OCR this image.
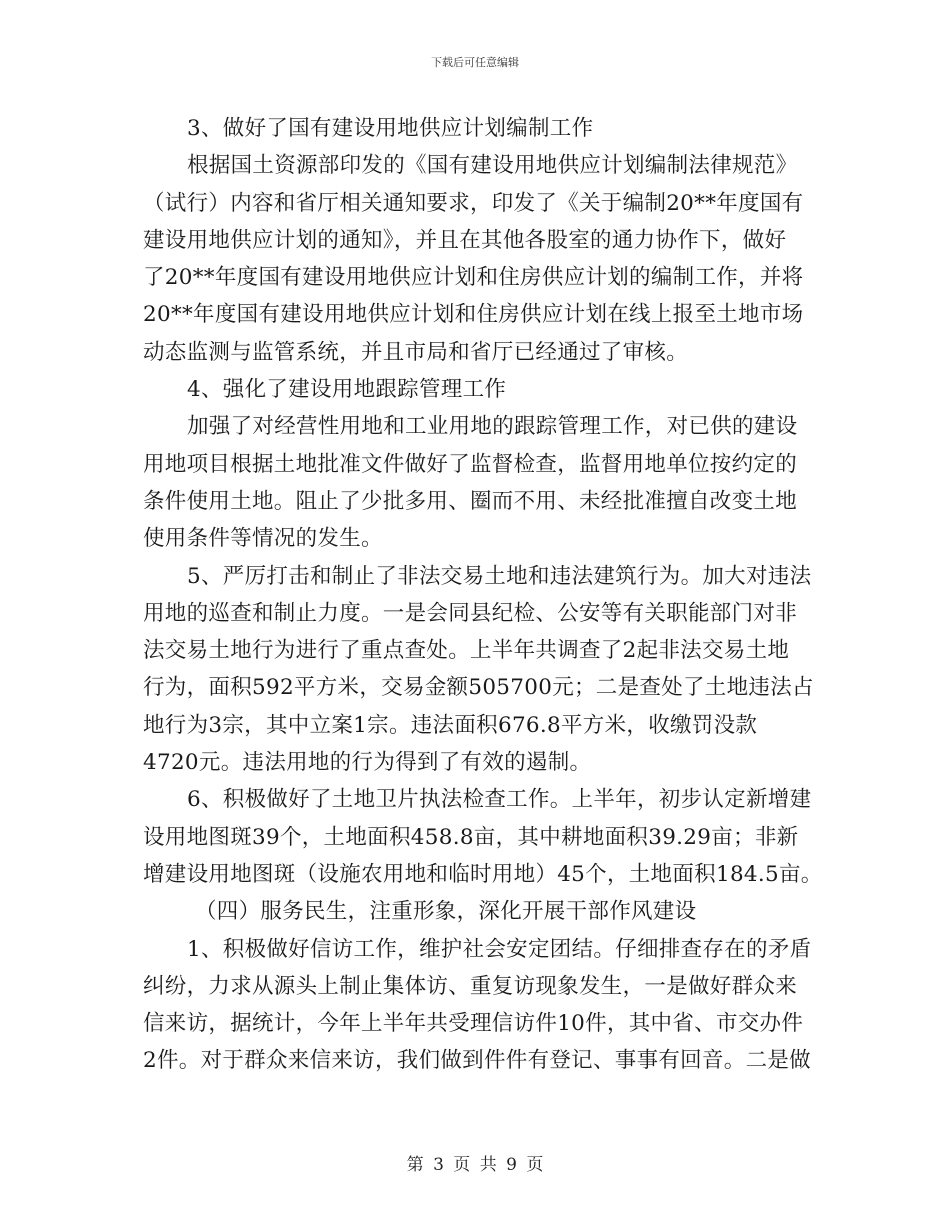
下载后可任意编辑
3、做好了国有建设用地供应计划编制工作
根据国土资源部印发的《国有建设用地供应计划编制法律规范》
（试行）内容和省厅相关通知要求，印发了《关于编制20**年度国有
建设用地供应计划的通知》，并且在其他各股室的通力协作下，做好
了20**年度国有建设用地供应计划和住房供应计划的编制工作，并将
20**年度国有建设用地供应计划和住房供应计划在线上报至土地市场
动态监测与监管系统，并且市局和省厅已经通过了审核。
4、强化了建设用地跟踪管理工作
加强了对经营性用地和工业用地的跟踪管理工作，对已供的建设
用地项目根据土地批准文件做好了监督检查，监督用地单位按约定的
条件使用土地。阻止了少批多用、圈而不用、未经批准擅自改变土地
使用条件等情况的发生。
5、严厉打击和制止了非法交易土地和违法建筑行为。加大对违法
用地的巡查和制止力度。一是会同县纪检、公安等有关职能部门对非
法交易土地行为进行了重点查处。上半年共调查了2起非法交易土地
行为，面积592平方米，交易金额505700元；二是查处了土地违法占
地行为3宗，其中立案1宗。违法面积676.8平方米，收缴罚没款
4720元。违法用地的行为得到了有效的遏制。
6、积极做好了土地卫片执法检查工作。上半年，初步认定新增建
设用地图斑39个，土地面积458.8亩，其中耕地面积39.29亩；非新
增建设用地图斑（设施农用地和临时用地）45个，土地面积184.5亩。
（四）服务民生，注重形象，深化开展干部作风建设
1、积极做好信访工作，维护社会安定团结。仔细排查存在的矛盾
纠纷，力求从源头上制止集体访、重复访现象发生，一是做好群众来
信来访，据统计，今年上半年共受理信访件10件，其中省、市交办件
2件。对于群众来信来访，我们做到件件有登记、事事有回音。二是做
第 3 页 共 9 页
